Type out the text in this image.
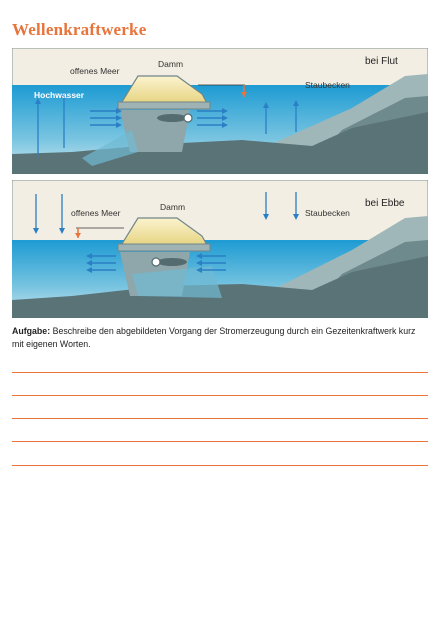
Wellenkraftwerke
offenes Meer
Damm
Staubecken
Hochwasser
bei Flut
offenes Meer
Damm
Staubecken
bei Ebbe

Aufgabe: Beschreibe den abgebildeten Vorgang der Stromerzeugung durch ein Gezeitenkraftwerk kurz mit eigenen Worten.
